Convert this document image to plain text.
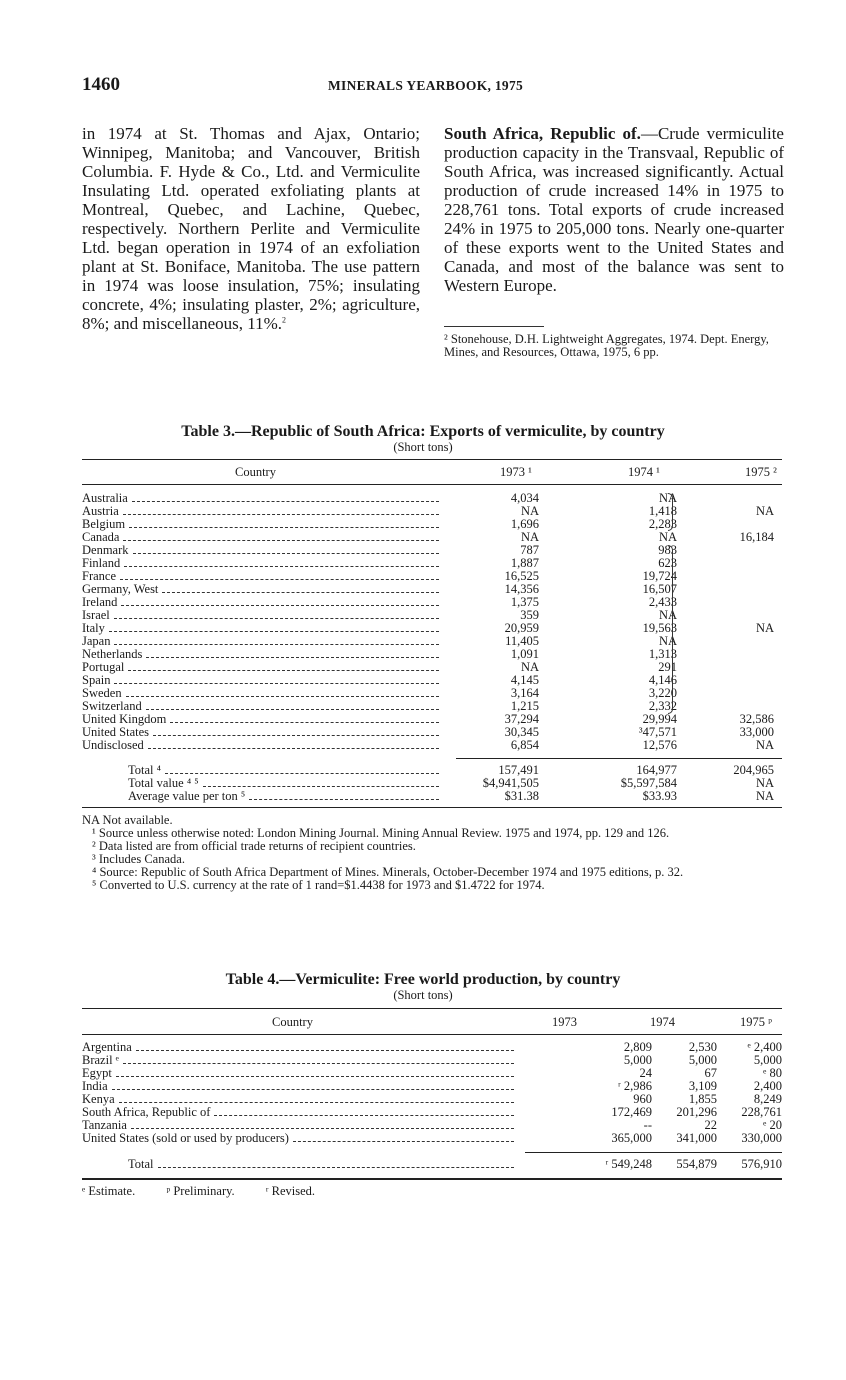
1460	MINERALS YEARBOOK, 1975

in 1974 at St. Thomas and Ajax, Ontario; Winnipeg, Manitoba; and Vancouver, British Columbia. F. Hyde & Co., Ltd. and Vermiculite Insulating Ltd. operated exfoliating plants at Montreal, Quebec, and Lachine, Quebec, respectively. Northern Perlite and Vermiculite Ltd. began operation in 1974 of an exfoliation plant at St. Boniface, Manitoba. The use pattern in 1974 was loose insulation, 75%; insulating concrete, 4%; insulating plaster, 2%; agriculture, 8%; and miscellaneous, 11%.$^2$

South Africa, Republic of.—Crude vermiculite production capacity in the Transvaal, Republic of South Africa, was increased significantly. Actual production of crude increased 14% in 1975 to 228,761 tons. Total exports of crude increased 24% in 1975 to 205,000 tons. Nearly one-quarter of these exports went to the United States and Canada, and most of the balance was sent to Western Europe.

² Stonehouse, D.H. Lightweight Aggregates, 1974. Dept. Energy, Mines, and Resources, Ottawa, 1975, 6 pp.
Table 3.—Republic of South Africa: Exports of vermiculite, by country
(Short tons)
Country	1973 ¹	1974 ¹	1975 ²
Australia	4,034	NA	
Austria	NA	1,418	NA
Belgium	1,696	2,283	
Canada	NA	NA	16,184
Denmark	787	983	
Finland	1,887	623	
France	16,525	19,724	
Germany, West	14,356	16,507	
Ireland	1,375	2,433	
Israel	359	NA	
Italy	20,959	19,563	NA
Japan	11,405	NA	
Netherlands	1,091	1,313	
Portugal	NA	291	
Spain	4,145	4,146	
Sweden	3,164	3,220	
Switzerland	1,215	2,332	
United Kingdom	37,294	29,994	32,586
United States	30,345	³47,571	33,000
Undisclosed	6,854	12,576	NA
Total ⁴	157,491	164,977	204,965
Total value ⁴ ⁵	$4,941,505	$5,597,584	NA
Average value per ton ⁵	$31.38	$33.93	NA
NA Not available.
¹ Source unless otherwise noted: London Mining Journal. Mining Annual Review. 1975 and 1974, pp. 129 and 126.
² Data listed are from official trade returns of recipient countries.
³ Includes Canada.
⁴ Source: Republic of South Africa Department of Mines. Minerals, October-December 1974 and 1975 editions, p. 32.
⁵ Converted to U.S. currency at the rate of 1 rand=$1.4438 for 1973 and $1.4722 for 1974.
Table 4.—Vermiculite: Free world production, by country
(Short tons)
Country	1973	1974	1975 ᵖ
Argentina	2,809	2,530	ᵉ 2,400
Brazil ᵉ	5,000	5,000	5,000
Egypt	24	67	ᵉ 80
India	ʳ 2,986	3,109	2,400
Kenya	960	1,855	8,249
South Africa, Republic of	172,469	201,296	228,761
Tanzania	--	22	ᵉ 20
United States (sold or used by producers)	365,000	341,000	330,000
Total	ʳ 549,248	554,879	576,910
ᵉ Estimate. ᵖ Preliminary. ʳ Revised.
